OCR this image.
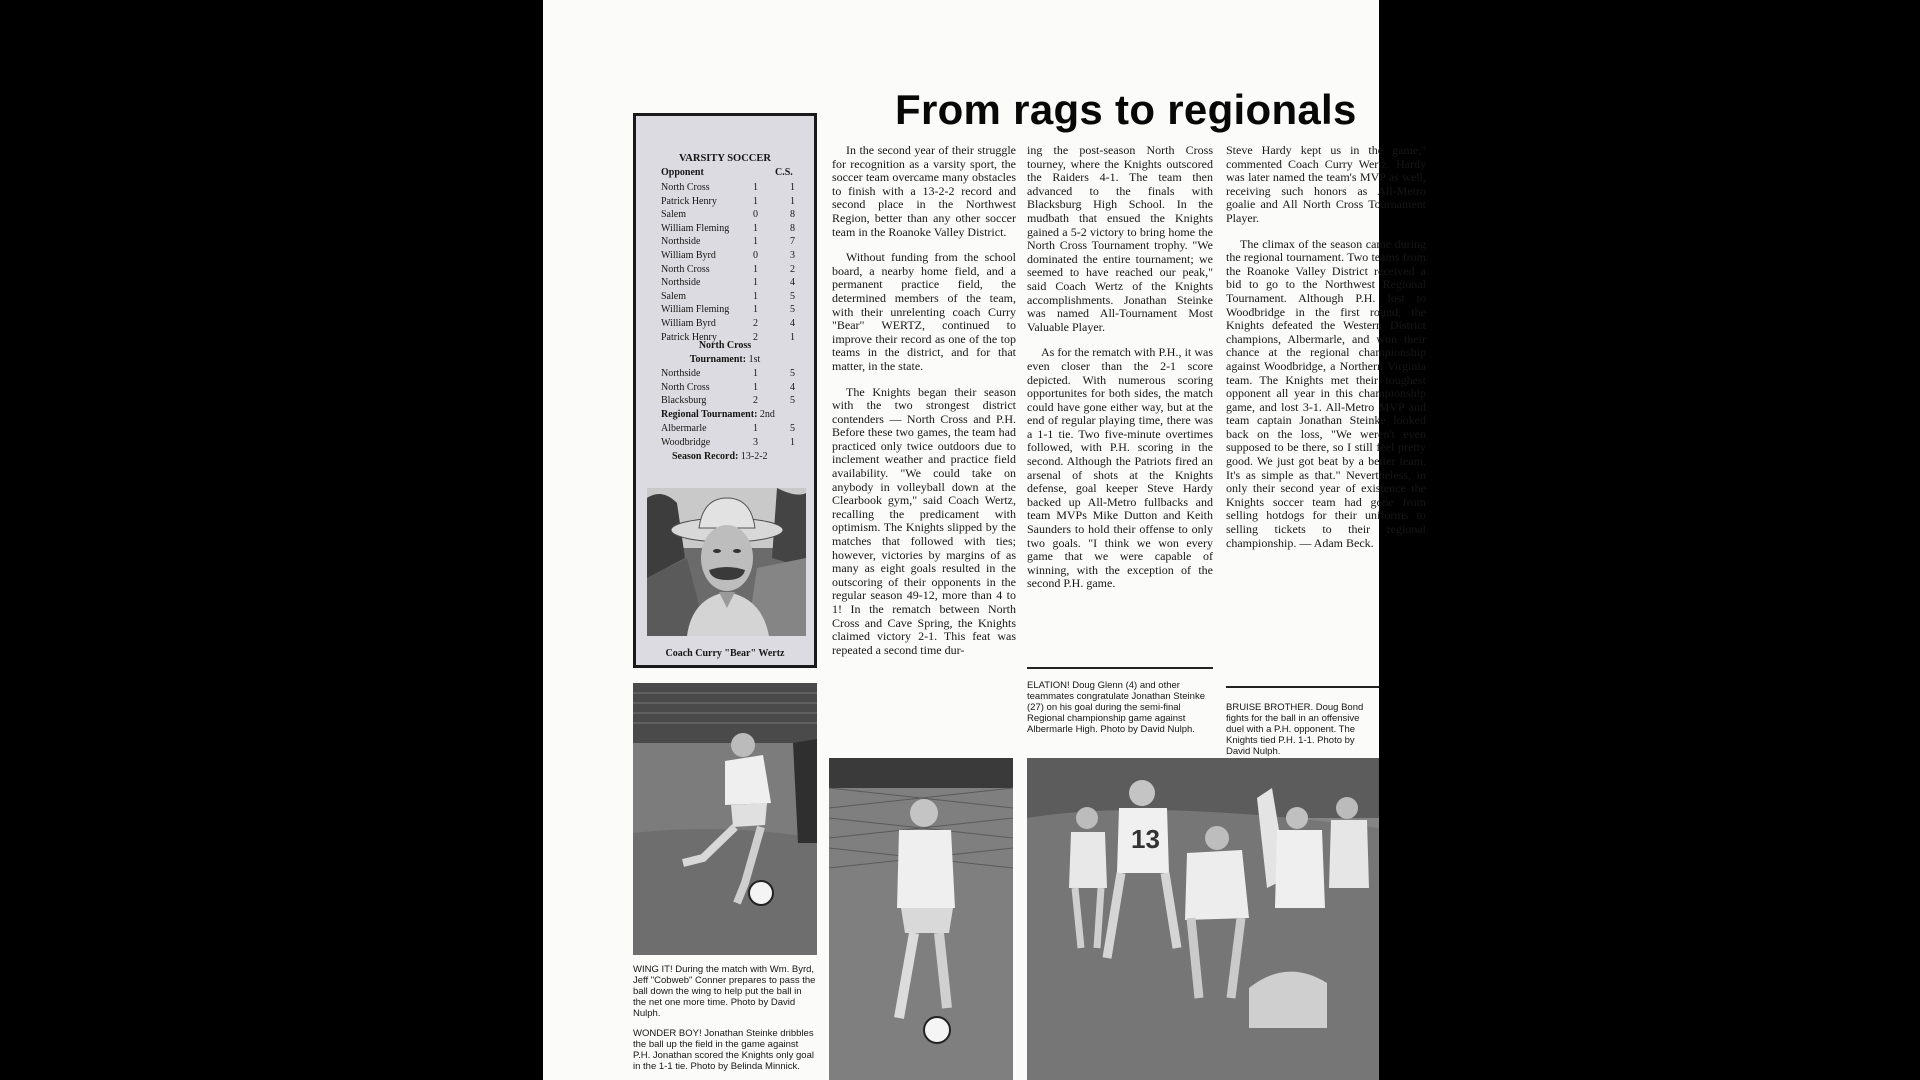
From rags to regionals
VARSITY SOCCER
Opponent	C.S.
North Cross	1	1
Patrick Henry	1	1
Salem	0	8
William Fleming 1	8
Northside	1	7
William Byrd	0	3
North Cross	1	2
Northside	1	4
Salem	1	5
William Fleming 1	5
William Byrd	2	4
Patrick Henry	2	1
North Cross
Tournament: 1st
Northside	1	5
North Cross	1	4
Blacksburg	2	5
Regional Tournament: 2nd
Albermarle	1	5
Woodbridge	3	1
Season Record: 13-2-2
Coach Curry "Bear" Wertz

In the second year of their struggle for recognition as a varsity sport, the soccer team overcame many obstacles to finish with a 13-2-2 record and second place in the Northwest Region, better than any other soccer team in the Roanoke Valley District.

Without funding from the school board, a nearby home field, and a permanent practice field, the determined members of the team, with their unrelenting coach Curry "Bear" WERTZ, continued to improve their record as one of the top teams in the district, and for that matter, in the state.

The Knights began their season with the two strongest district contenders — North Cross and P.H. Before these two games, the team had practiced only twice outdoors due to inclement weather and practice field availability. "We could take on anybody in volleyball down at the Clearbook gym," said Coach Wertz, recalling the predicament with optimism. The Knights slipped by the matches that followed with ties; however, victories by margins of as many as eight goals resulted in the outscoring of their opponents in the regular season 49-12, more than 4 to 1! In the rematch between North Cross and Cave Spring, the Knights claimed victory 2-1. This feat was repeated a second time dur-

ing the post-season North Cross tourney, where the Knights outscored the Raiders 4-1. The team then advanced to the finals with Blacksburg High School. In the mudbath that ensued the Knights gained a 5-2 victory to bring home the North Cross Tournament trophy. "We dominated the entire tournament; we seemed to have reached our peak," said Coach Wertz of the Knights accomplishments. Jonathan Steinke was named All-Tournament Most Valuable Player.

As for the rematch with P.H., it was even closer than the 2-1 score depicted. With numerous scoring opportunites for both sides, the match could have gone either way, but at the end of regular playing time, there was a 1-1 tie. Two five-minute overtimes followed, with P.H. scoring in the second. Although the Patriots fired an arsenal of shots at the Knights defense, goal keeper Steve Hardy backed up All-Metro fullbacks and team MVPs Mike Dutton and Keith Saunders to hold their offense to only two goals. "I think we won every game that we were capable of winning, with the exception of the second P.H. game.

Steve Hardy kept us in the game," commented Coach Curry Wertz. Hardy was later named the team's MVP as well, receiving such honors as All-Metro goalie and All North Cross Tournament Player.

The climax of the season came during the regional tournament. Two teams from the Roanoke Valley District received a bid to go to the Northwest Regional Tournament. Although P.H. lost to Woodbridge in the first round, the Knights defeated the Western District champions, Albermarle, and won their chance at the regional championship against Woodbridge, a Northern Virginia team. The Knights met their toughest opponent all year in this championship game, and lost 3-1. All-Metro MVP and team captain Jonathan Steinke looked back on the loss, "We weren't even supposed to be there, so I still feel pretty good. We just got beat by a better team. It's as simple as that." Nevertheless, in only their second year of existence the Knights soccer team had gone from selling hotdogs for their uniforms to selling tickets to their regional championship. — Adam Beck.

WING IT! During the match with Wm. Byrd, Jeff "Cobweb" Conner prepares to pass the ball down the wing to help put the ball in the net one more time. Photo by David Nulph.

WONDER BOY! Jonathan Steinke dribbles the ball up the field in the game against P.H. Jonathan scored the Knights only goal in the 1-1 tie. Photo by Belinda Minnick.

ELATION! Doug Glenn (4) and other teammates congratulate Jonathan Steinke (27) on his goal during the semi-final Regional championship game against Albermarle High. Photo by David Nulph.

BRUISE BROTHER. Doug Bond fights for the ball in an offensive duel with a P.H. opponent. The Knights tied P.H. 1-1. Photo by David Nulph.

13
